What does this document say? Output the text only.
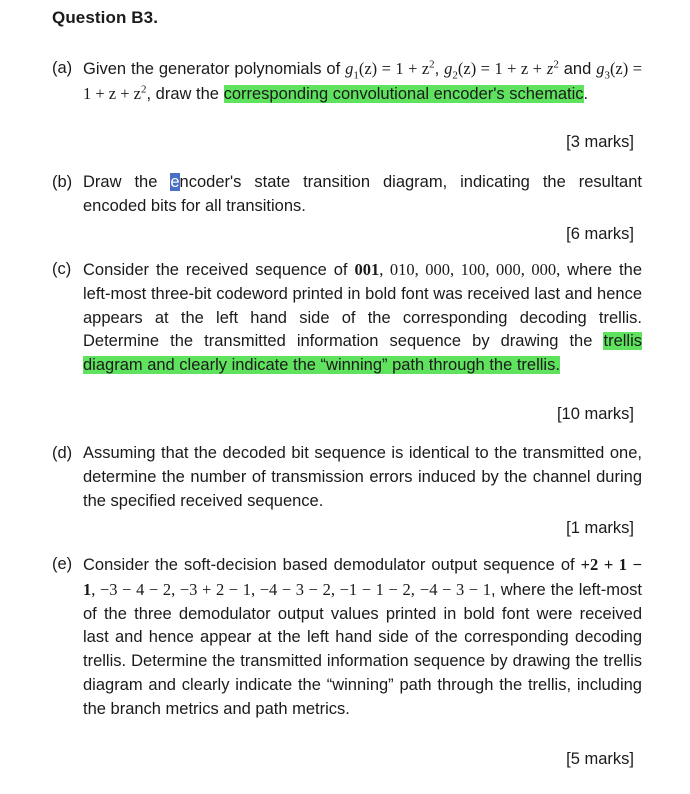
Question B3.
(a) Given the generator polynomials of $g_1(z) = 1 + z^2$, $g_2(z) = 1 + z + z^2$ and $g_3(z) = 1 + z + z^2$, draw the corresponding convolutional encoder's schematic.
[3 marks]
(b) Draw the encoder's state transition diagram, indicating the resultant encoded bits for all transitions.
[6 marks]
(c) Consider the received sequence of 001, 010, 000, 100, 000, 000, where the left-most three-bit codeword printed in bold font was received last and hence appears at the left hand side of the corresponding decoding trellis. Determine the transmitted information sequence by drawing the trellis diagram and clearly indicate the “winning” path through the trellis.
[10 marks]
(d) Assuming that the decoded bit sequence is identical to the transmitted one, determine the number of transmission errors induced by the channel during the specified received sequence.
[1 marks]
(e) Consider the soft-decision based demodulator output sequence of +2 + 1 − 1, −3 − 4 − 2, −3 + 2 − 1, −4 − 3 − 2, −1 − 1 − 2, −4 − 3 − 1, where the left-most of the three demodulator output values printed in bold font were received last and hence appear at the left hand side of the corresponding decoding trellis. Determine the transmitted information sequence by drawing the trellis diagram and clearly indicate the “winning” path through the trellis, including the branch metrics and path metrics.
[5 marks]
